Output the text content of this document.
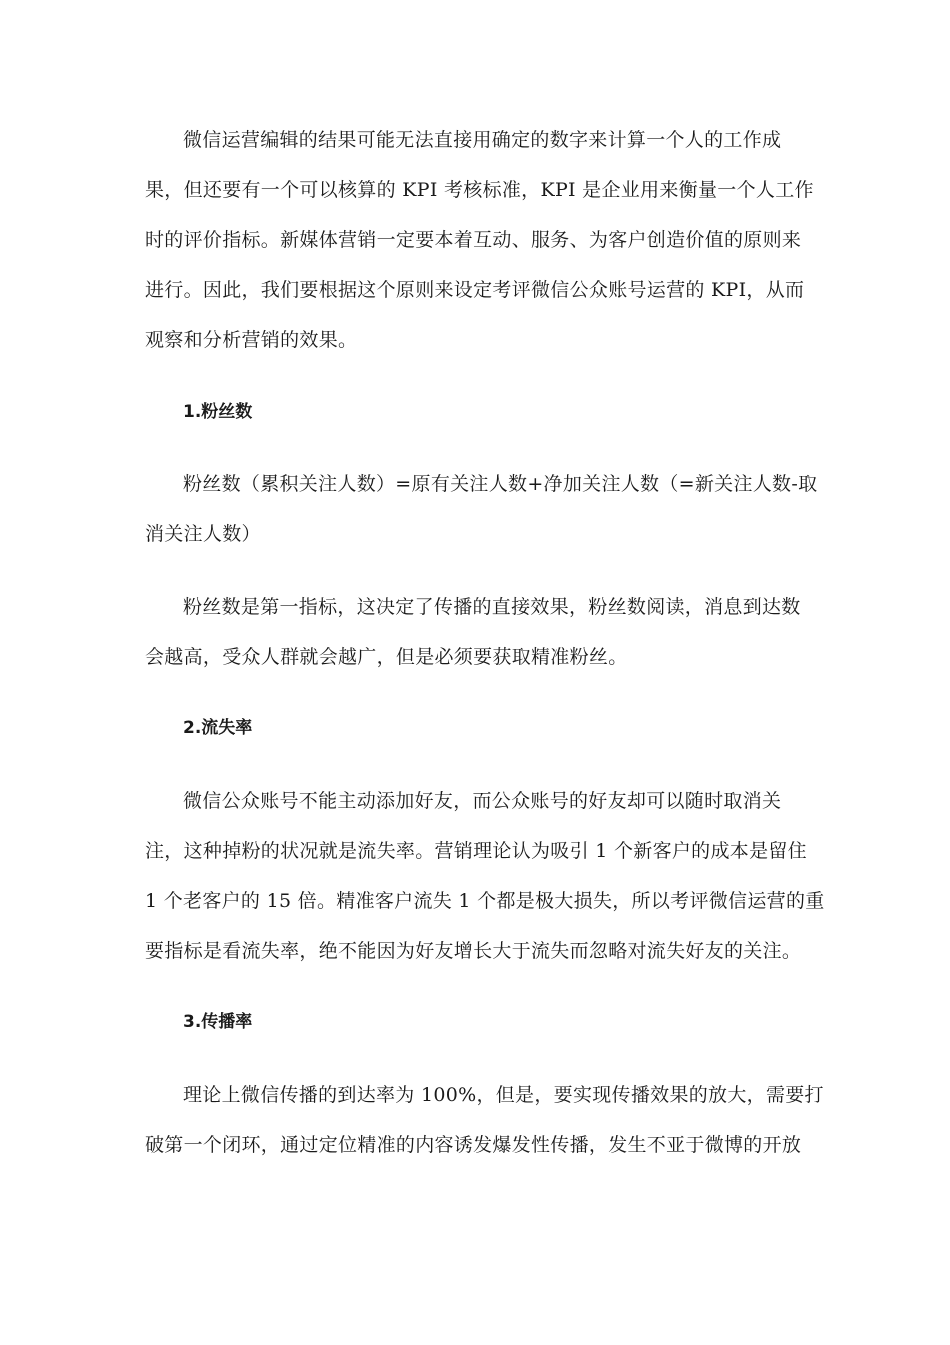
微信运营编辑的结果可能无法直接用确定的数字来计算一个人的工作成
果，但还要有一个可以核算的 KPI 考核标准，KPI 是企业用来衡量一个人工作
时的评价指标。新媒体营销一定要本着互动、服务、为客户创造价值的原则来
进行。因此，我们要根据这个原则来设定考评微信公众账号运营的 KPI，从而
观察和分析营销的效果。
1.粉丝数
粉丝数（累积关注人数）=原有关注人数+净加关注人数（=新关注人数-取
消关注人数）
粉丝数是第一指标，这决定了传播的直接效果，粉丝数阅读，消息到达数
会越高，受众人群就会越广，但是必须要获取精准粉丝。
2.流失率
微信公众账号不能主动添加好友，而公众账号的好友却可以随时取消关
注，这种掉粉的状况就是流失率。营销理论认为吸引 1 个新客户的成本是留住
1 个老客户的 15 倍。精准客户流失 1 个都是极大损失，所以考评微信运营的重
要指标是看流失率，绝不能因为好友增长大于流失而忽略对流失好友的关注。
3.传播率
理论上微信传播的到达率为 100%，但是，要实现传播效果的放大，需要打
破第一个闭环，通过定位精准的内容诱发爆发性传播，发生不亚于微博的开放
